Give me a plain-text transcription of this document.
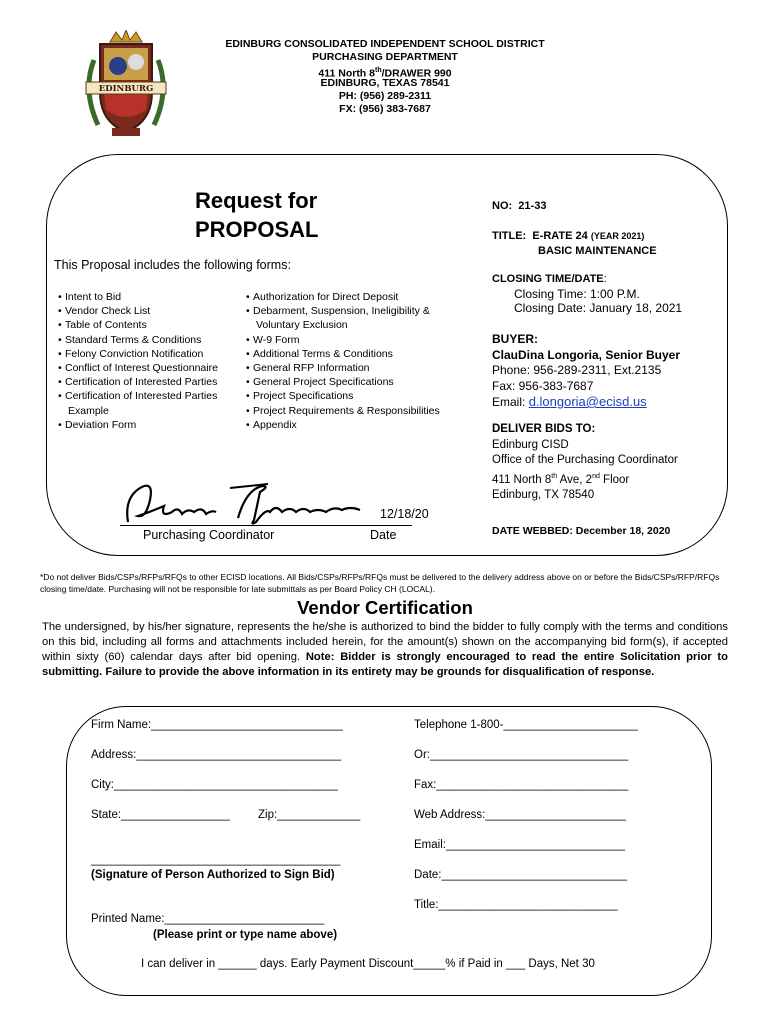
EDINBURG
EDINBURG CONSOLIDATED INDEPENDENT SCHOOL DISTRICT
PURCHASING DEPARTMENT
411 North 8th/DRAWER 990
EDINBURG, TEXAS 78541
PH: (956) 289-2311
FX: (956) 383-7687
Request for
PROPOSAL
This Proposal includes the following forms:
• Intent to Bid
• Vendor Check List
• Table of Contents
• Standard Terms & Conditions
• Felony Conviction Notification
• Conflict of Interest Questionnaire
• Certification of Interested Parties
• Certification of Interested Parties
Example
• Deviation Form
• Authorization for Direct Deposit
• Debarment, Suspension, Ineligibility &
Voluntary Exclusion
• W-9 Form
• Additional Terms & Conditions
• General RFP Information
• General Project Specifications
• Project Specifications
• Project Requirements & Responsibilities
• Appendix
NO: 21-33
TITLE: E-RATE 24 (YEAR 2021)
BASIC MAINTENANCE
CLOSING TIME/DATE:
Closing Time: 1:00 P.M.
Closing Date: January 18, 2021
BUYER:
ClauDina Longoria, Senior Buyer
Phone: 956-289-2311, Ext.2135
Fax: 956-383-7687
Email: d.longoria@ecisd.us
DELIVER BIDS TO:
Edinburg CISD
Office of the Purchasing Coordinator
411 North 8th Ave, 2nd Floor
Edinburg, TX 78540
DATE WEBBED: December 18, 2020
12/18/20
Purchasing Coordinator	Date
*Do not deliver Bids/CSPs/RFPs/RFQs to other ECISD locations. All Bids/CSPs/RFPs/RFQs must be delivered to the delivery address above on or before the Bids/CSPs/RFP/RFQs closing time/date. Purchasing will not be responsible for late submittals as per Board Policy CH (LOCAL).
Vendor Certification
The undersigned, by his/her signature, represents the he/she is authorized to bind the bidder to fully comply with the terms and conditions on this bid, including all forms and attachments included herein, for the amount(s) shown on the accompanying bid form(s), if accepted within sixty (60) calendar days after bid opening. Note: Bidder is strongly encouraged to read the entire Solicitation prior to submitting. Failure to provide the above information in its entirety may be grounds for disqualification of response.
Firm Name:______________________________	Telephone 1-800-_____________________
Address:________________________________	Or:_______________________________
City:___________________________________	Fax:______________________________
State:_________________ Zip:_____________	Web Address:______________________
Email:____________________________
_______________________________________
(Signature of Person Authorized to Sign Bid)	Date:_____________________________
Title:____________________________
Printed Name:_________________________
(Please print or type name above)
I can deliver in ______ days. Early Payment Discount_____% if Paid in ___ Days, Net 30
